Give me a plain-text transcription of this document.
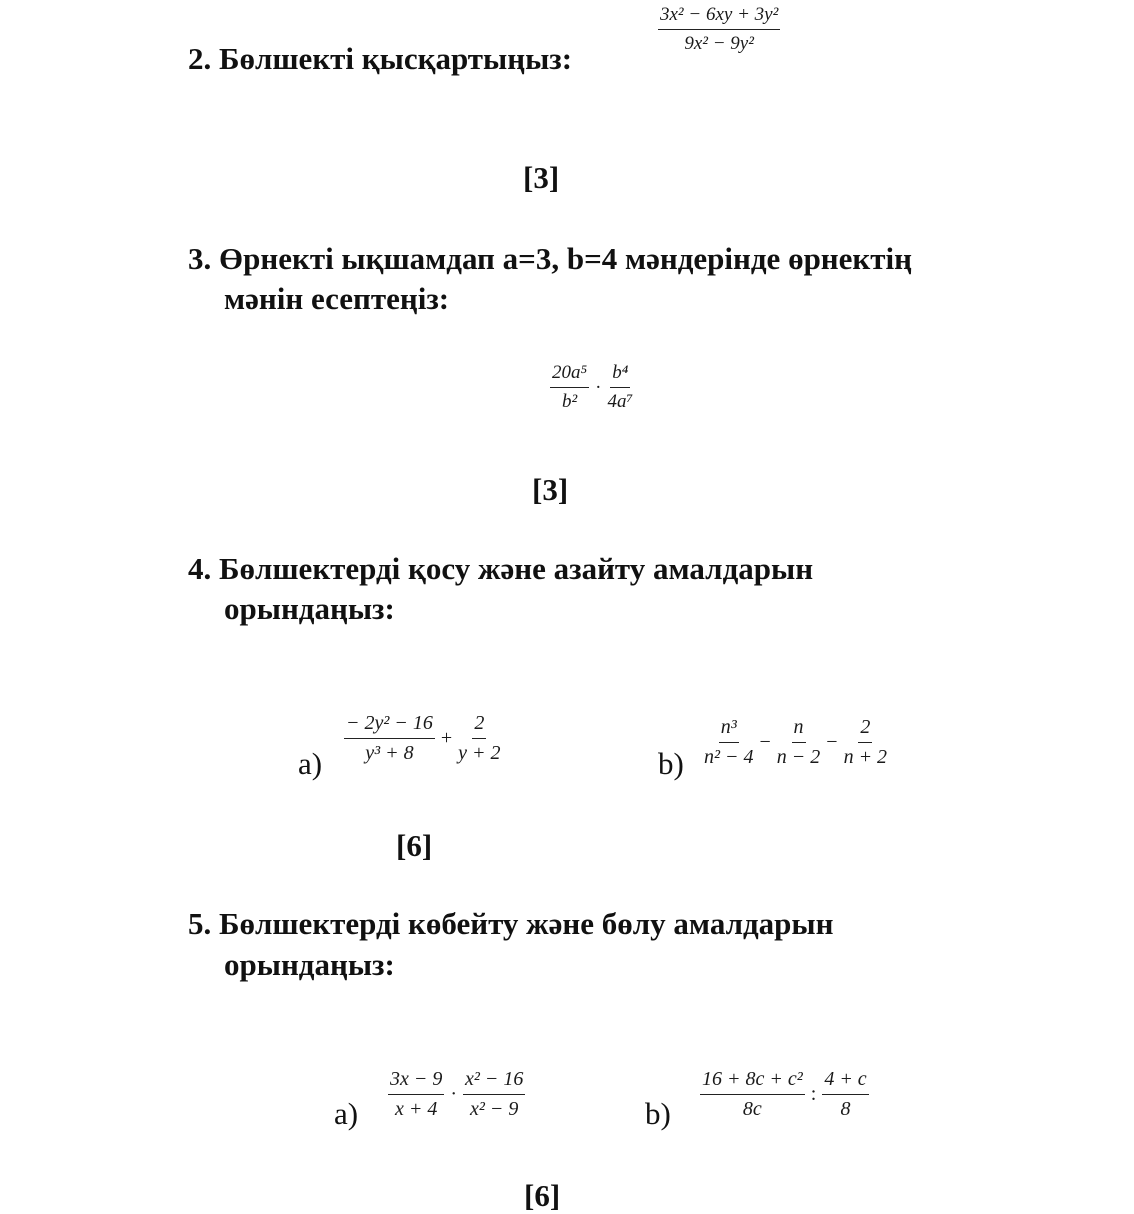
2. Бөлшекті қысқартыңыз:
$\frac{\text{3x² − 6xy + 3y²}}{\text{9x² − 9y²}}$
[3]
3. Өрнекті ықшамдап a=3, b=4 мәндерінде өрнектің
мәнін есептеңіз:
$\frac{\text{20a⁵}}{\text{b²}} \cdot \frac{\text{b⁴}}{\text{4a⁷}}$
[3]
4. Бөлшектерді қосу және азайту амалдарын
орындаңыз:
$a) \frac{\text{− 2y² − 16}}{\text{y³ + 8}} + \frac{2}{y + 2}$	$b) \frac{\text{n³}}{\text{n² − 4}} - \frac{n}{n - 2} - \frac{2}{n + 2}$
[6]
5. Бөлшектерді көбейту және бөлу амалдарын
орындаңыз:
$a) \frac{3x - 9}{x + 4} \cdot \frac{\text{x² − 16}}{\text{x² − 9}}$	$b) \frac{\text{16 + 8c + c²}}{8c}$ : $\frac{4 + c}{8}$
[6]
